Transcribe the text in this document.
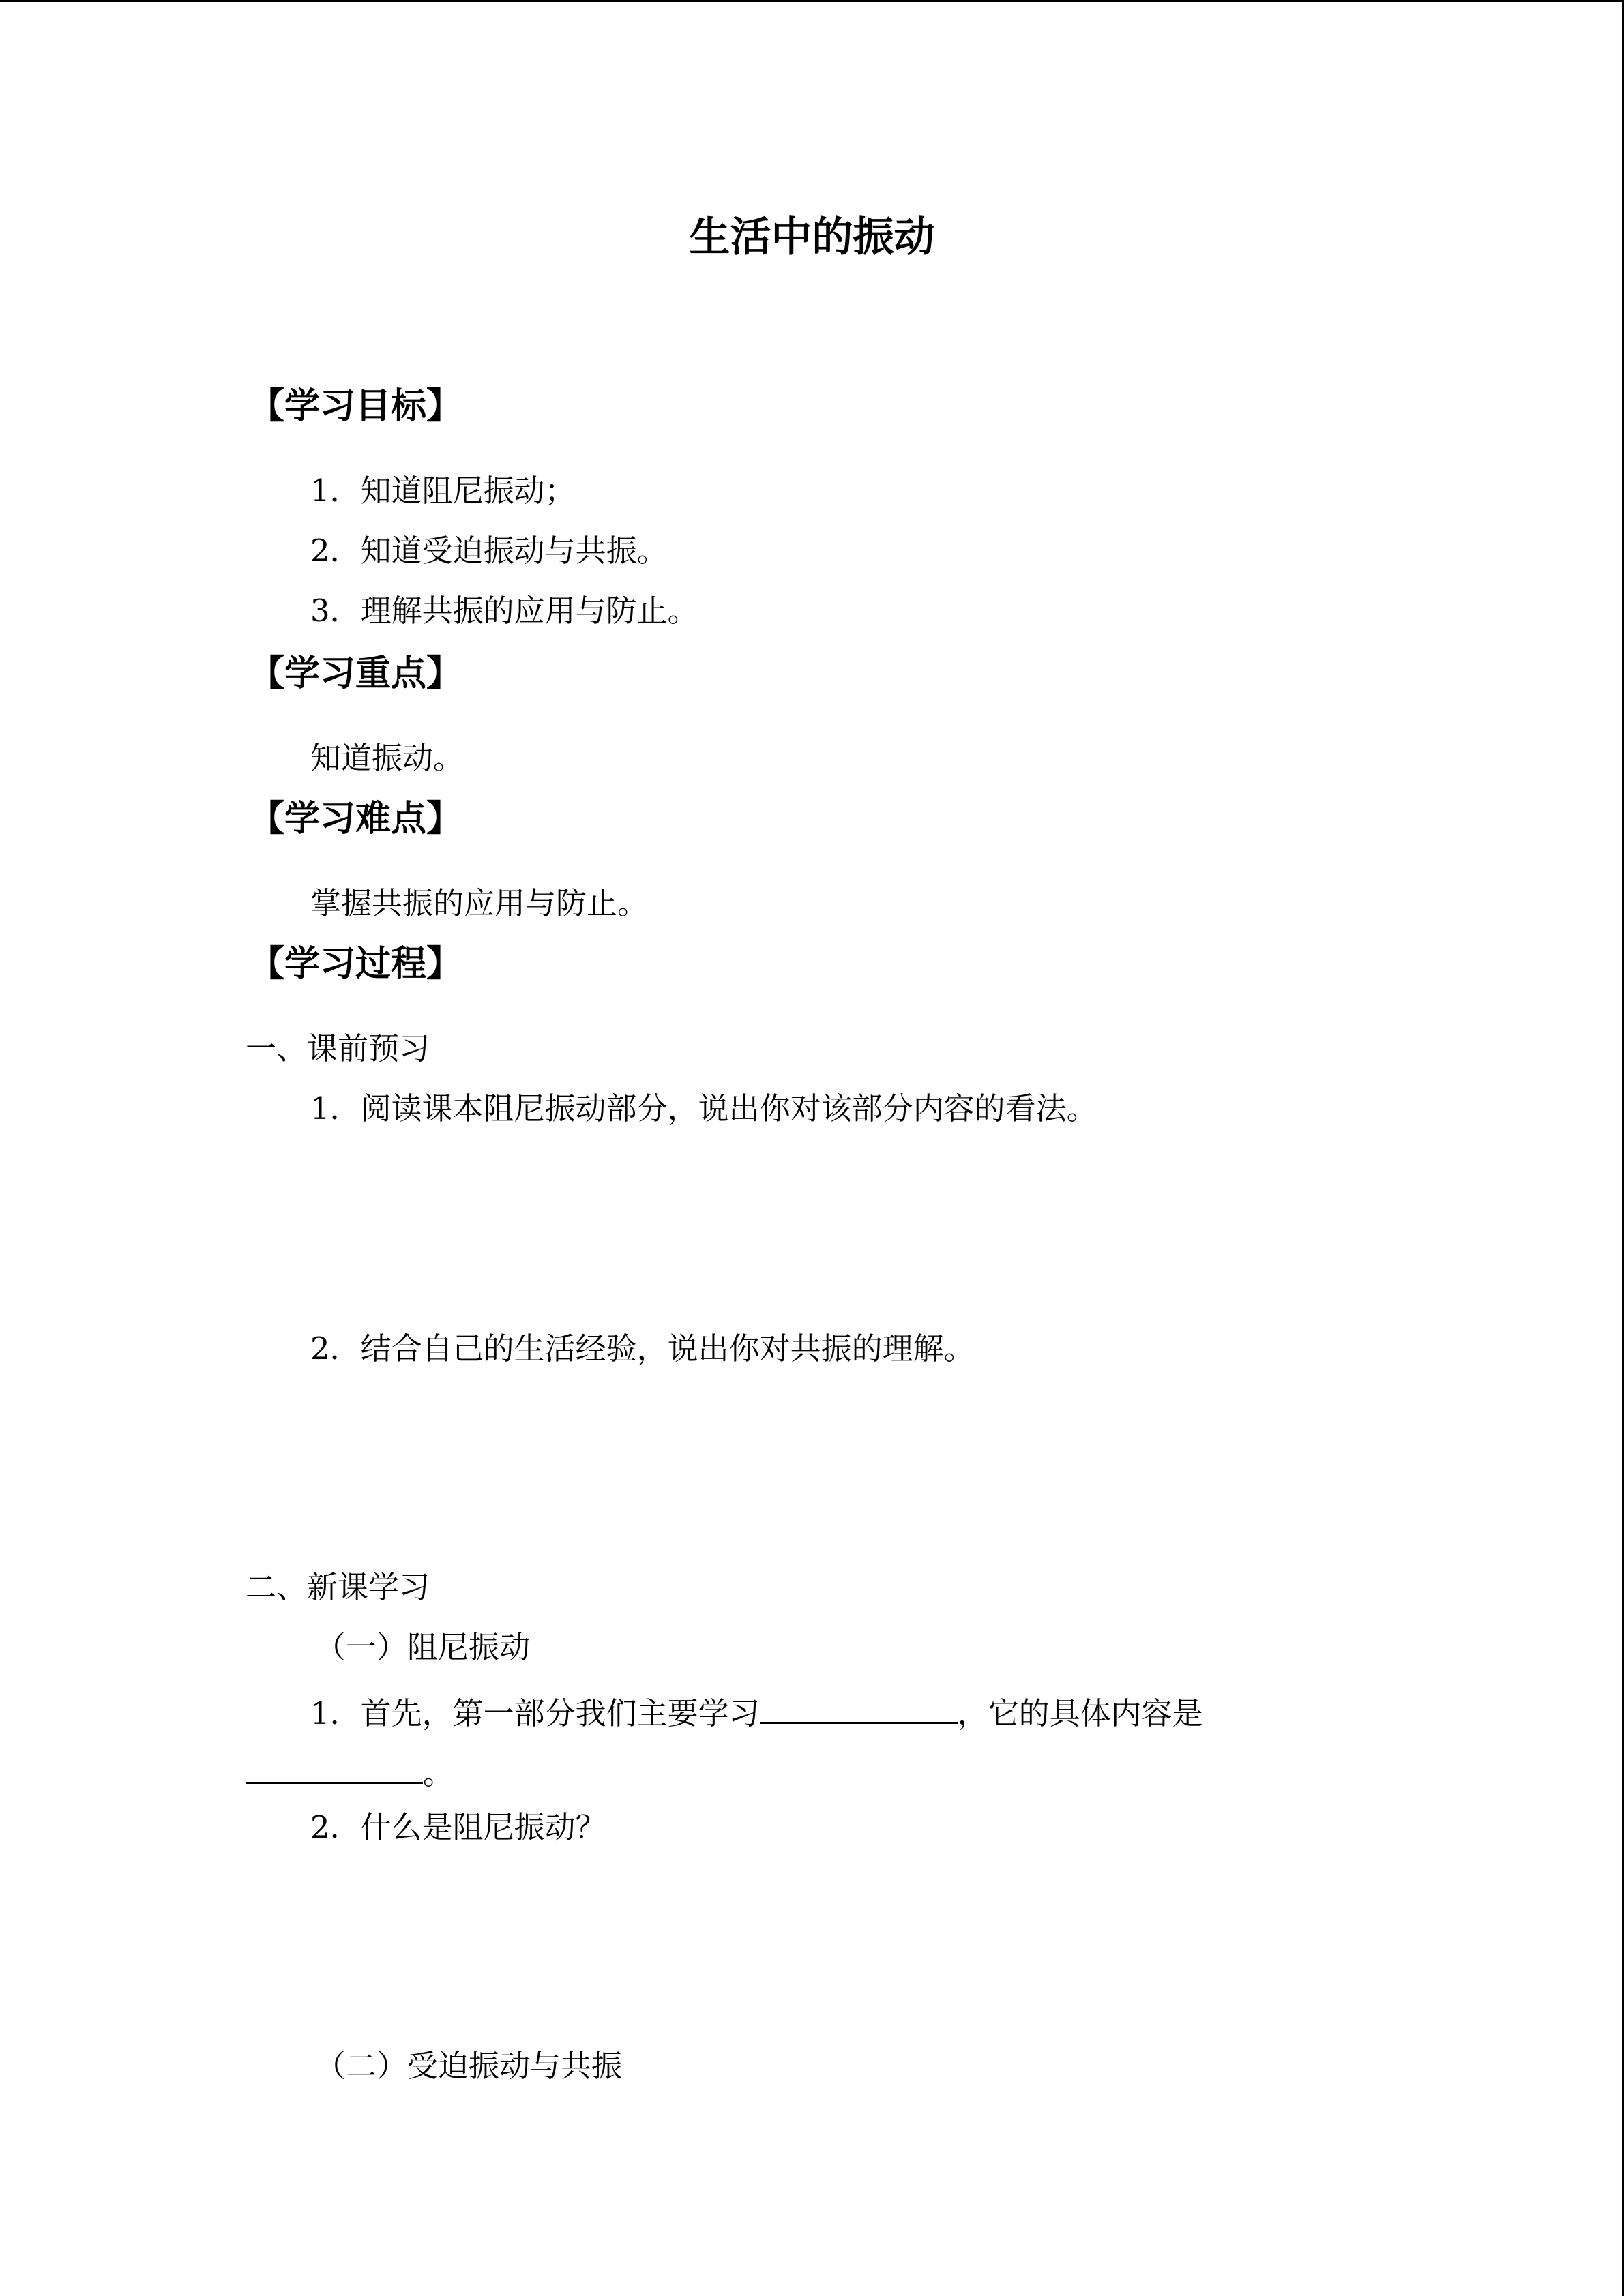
生活中的振动
【学习目标】
1．知道阻尼振动；
2．知道受迫振动与共振。
3．理解共振的应用与防止。
【学习重点】
知道振动。
【学习难点】
掌握共振的应用与防止。
【学习过程】
一、课前预习
1．阅读课本阻尼振动部分，说出你对该部分内容的看法。
2．结合自己的生活经验，说出你对共振的理解。
二、新课学习
（一）阻尼振动
1．首先，第一部分我们主要学习	，它的具体内容是
。
2．什么是阻尼振动？
（二）受迫振动与共振
